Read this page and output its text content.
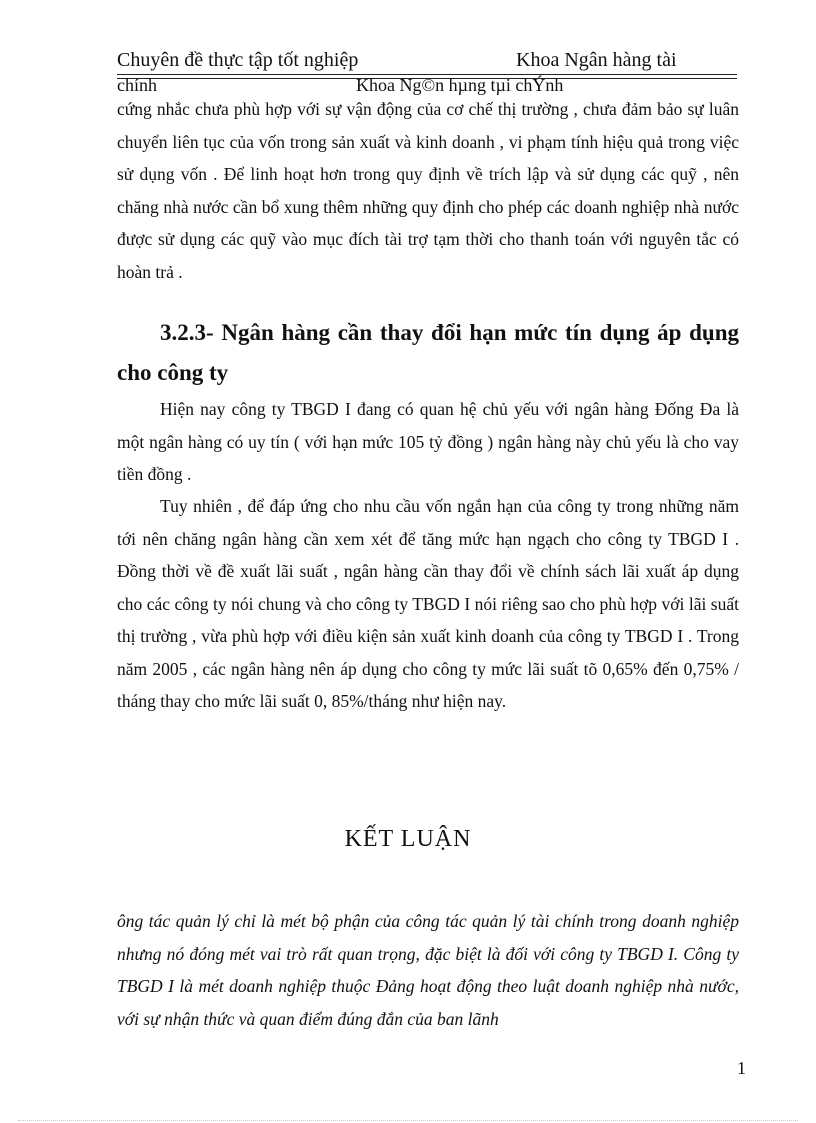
Chuyên đề thực tập tốt nghiệp	Khoa Ngân hàng tài
chính	Khoa Ng©n hµng tµi chÝnh

cứng nhắc chưa phù hợp với sự vận động của cơ chế thị trường , chưa đảm bảo sự luân chuyển liên tục của vốn trong sản xuất và kinh doanh , vi phạm tính hiệu quả trong việc sử dụng vốn . Để linh hoạt hơn trong quy định về trích lập và sử dụng các quỹ , nên chăng nhà nước cần bổ xung thêm những quy định cho phép các doanh nghiệp nhà nước được sử dụng các quỹ vào mục đích tài trợ tạm thời cho thanh toán với nguyên tắc có hoàn trả .

3.2.3- Ngân hàng cần thay đổi hạn mức tín dụng áp dụng cho công ty

Hiện nay công ty TBGD I đang có quan hệ chủ yếu với ngân hàng Đống Đa là một ngân hàng có uy tín ( với hạn mức 105 tỷ đồng ) ngân hàng này chủ yếu là cho vay tiền đồng .

Tuy nhiên , để đáp ứng cho nhu cầu vốn ngắn hạn của công ty trong những năm tới nên chăng ngân hàng cần xem xét để tăng mức hạn ngạch cho công ty TBGD I . Đồng thời về đề xuất lãi suất , ngân hàng cần thay đổi về chính sách lãi xuất áp dụng cho các công ty nói chung và cho công ty TBGD I nói riêng sao cho phù hợp với lãi suất thị trường , vừa phù hợp với điều kiện sản xuất kinh doanh của công ty TBGD I . Trong năm 2005 , các ngân hàng nên áp dụng cho công ty mức lãi suất tõ 0,65% đến 0,75% / tháng thay cho mức lãi suất 0, 85%/tháng như hiện nay.

KẾT LUẬN

ông tác quản lý chỉ là mét bộ phận của công tác quản lý tài chính trong doanh nghiệp nhưng nó đóng mét vai trò rất quan trọng, đặc biệt là đối với công ty TBGD I. Công ty TBGD I là mét doanh nghiệp thuộc Đảng hoạt động theo luật doanh nghiệp nhà nước, với sự nhận thức và quan điểm đúng đắn của ban lãnh

1
